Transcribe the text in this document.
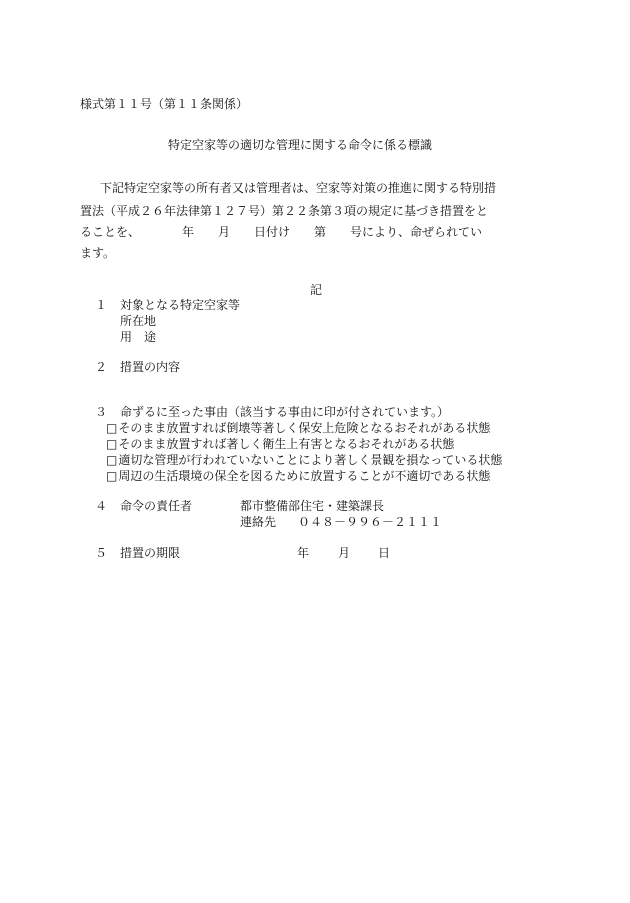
様式第１１号（第１１条関係）
特定空家等の適切な管理に関する命令に係る標識
下記特定空家等の所有者又は管理者は、空家等対策の推進に関する特別措
置法（平成２６年法律第１２７号）第２２条第３項の規定に基づき措置をと
ることを、　　　　年　　月　　日付け　　第　　号により、命ぜられてい
ます。
記
１ 対象となる特定空家等
所在地
用　途
２ 措置の内容
３ 命ずるに至った事由（該当する事由に印が付されています。）
□そのまま放置すれば倒壊等著しく保安上危険となるおそれがある状態
□そのまま放置すれば著しく衛生上有害となるおそれがある状態
□適切な管理が行われていないことにより著しく景観を損なっている状態
□周辺の生活環境の保全を図るために放置することが不適切である状態
４ 命令の責任者	都市整備部住宅・建築課長
連絡先 ０４８－９９６－２１１１
５ 措置の期限	年 月 日
